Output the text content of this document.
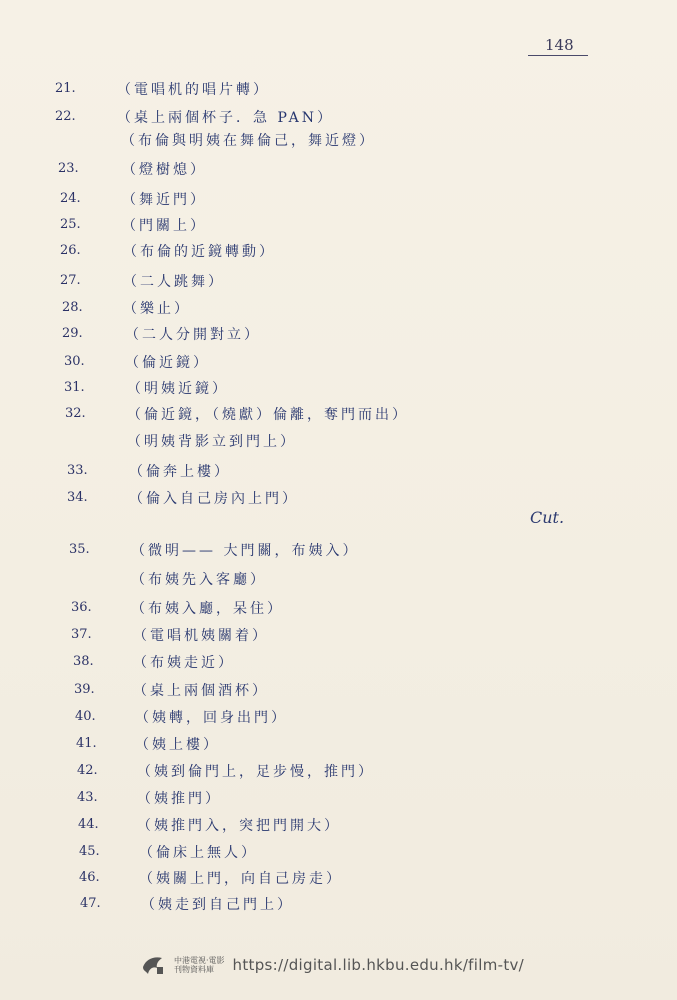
148
21.	（電唱机的唱片轉）
22.	（桌上兩個杯子．急 PAN）
（布倫與明姨在舞倫己，舞近燈）
23.	（燈樹熄）
24.	（舞近門）
25.	（門關上）
26.	（布倫的近鏡轉動）
27.	（二人跳舞）
28.	（樂止）
29.	（二人分開對立）
30.	（倫近鏡）
31.	（明姨近鏡）
32.	（倫近鏡，（燒獻）倫離，奪門而出）
（明姨背影立到門上）
33.	（倫奔上樓）
34.	（倫入自己房內上門）
35.	（微明—— 大門關，布姨入）
（布姨先入客廳）
36.	（布姨入廳，呆住）
37.	（電唱机姨關着）
38.	（布姨走近）
39.	（桌上兩個酒杯）
40.	（姨轉，回身出門）
41.	（姨上樓）
42.	（姨到倫門上，足步慢，推門）
43.	（姨推門）
44.	（姨推門入，突把門開大）
45.	（倫床上無人）
46.	（姨關上門，向自己房走）
47.	（姨走到自己門上）
Cut.
中港電視·電影
刊物資料庫	https://digital.lib.hkbu.edu.hk/film-tv/
